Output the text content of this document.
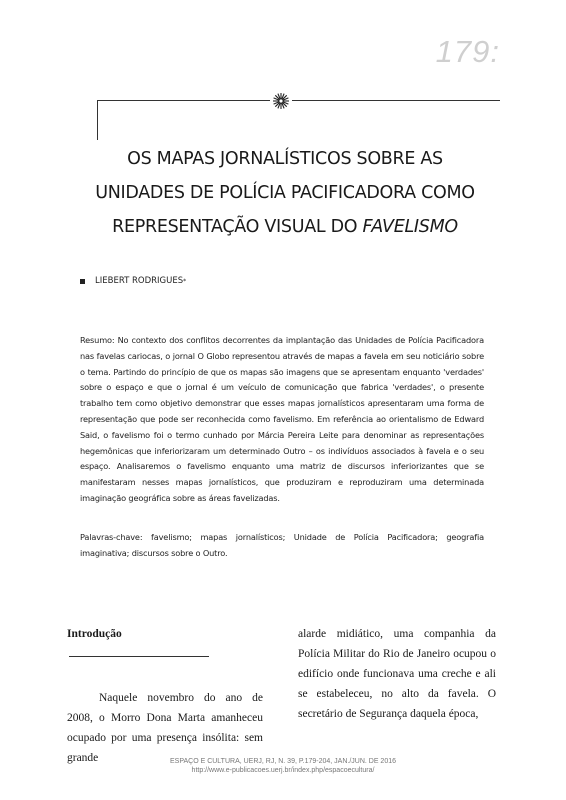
179:
OS MAPAS JORNALÍSTICOS SOBRE AS
UNIDADES DE POLÍCIA PACIFICADORA COMO
REPRESENTAÇÃO VISUAL DO FAVELISMO
LIEBERT RODRIGUES *
Resumo: No contexto dos conflitos decorrentes da implantação das Unidades de Polícia Pacificadora nas favelas cariocas, o jornal O Globo representou através de mapas a favela em seu noticiário sobre o tema. Partindo do princípio de que os mapas são imagens que se apresentam enquanto 'verdades' sobre o espaço e que o jornal é um veículo de comunicação que fabrica 'verdades', o presente trabalho tem como objetivo demonstrar que esses mapas jornalísticos apresentaram uma forma de representação que pode ser reconhecida como favelismo. Em referência ao orientalismo de Edward Said, o favelismo foi o termo cunhado por Márcia Pereira Leite para denominar as representações hegemônicas que inferiorizaram um determinado Outro – os indivíduos associados à favela e o seu espaço. Analisaremos o favelismo enquanto uma matriz de discursos inferiorizantes que se manifestaram nesses mapas jornalísticos, que produziram e reproduziram uma determinada imaginação geográfica sobre as áreas favelizadas.
Palavras-chave: favelismo; mapas jornalísticos; Unidade de Polícia Pacificadora; geografia imaginativa; discursos sobre o Outro.
Introdução
Naquele novembro do ano de 2008, o Morro Dona Marta amanheceu ocupado por uma presença insólita: sem grande
alarde midiático, uma companhia da Polícia Militar do Rio de Janeiro ocupou o edifício onde funcionava uma creche e ali se estabeleceu, no alto da favela. O secretário de Segurança daquela época,
ESPAÇO E CULTURA, UERJ, RJ, N. 39, P.179-204, JAN./JUN. DE 2016
http://www.e-publicacoes.uerj.br/index.php/espacoecultura/
